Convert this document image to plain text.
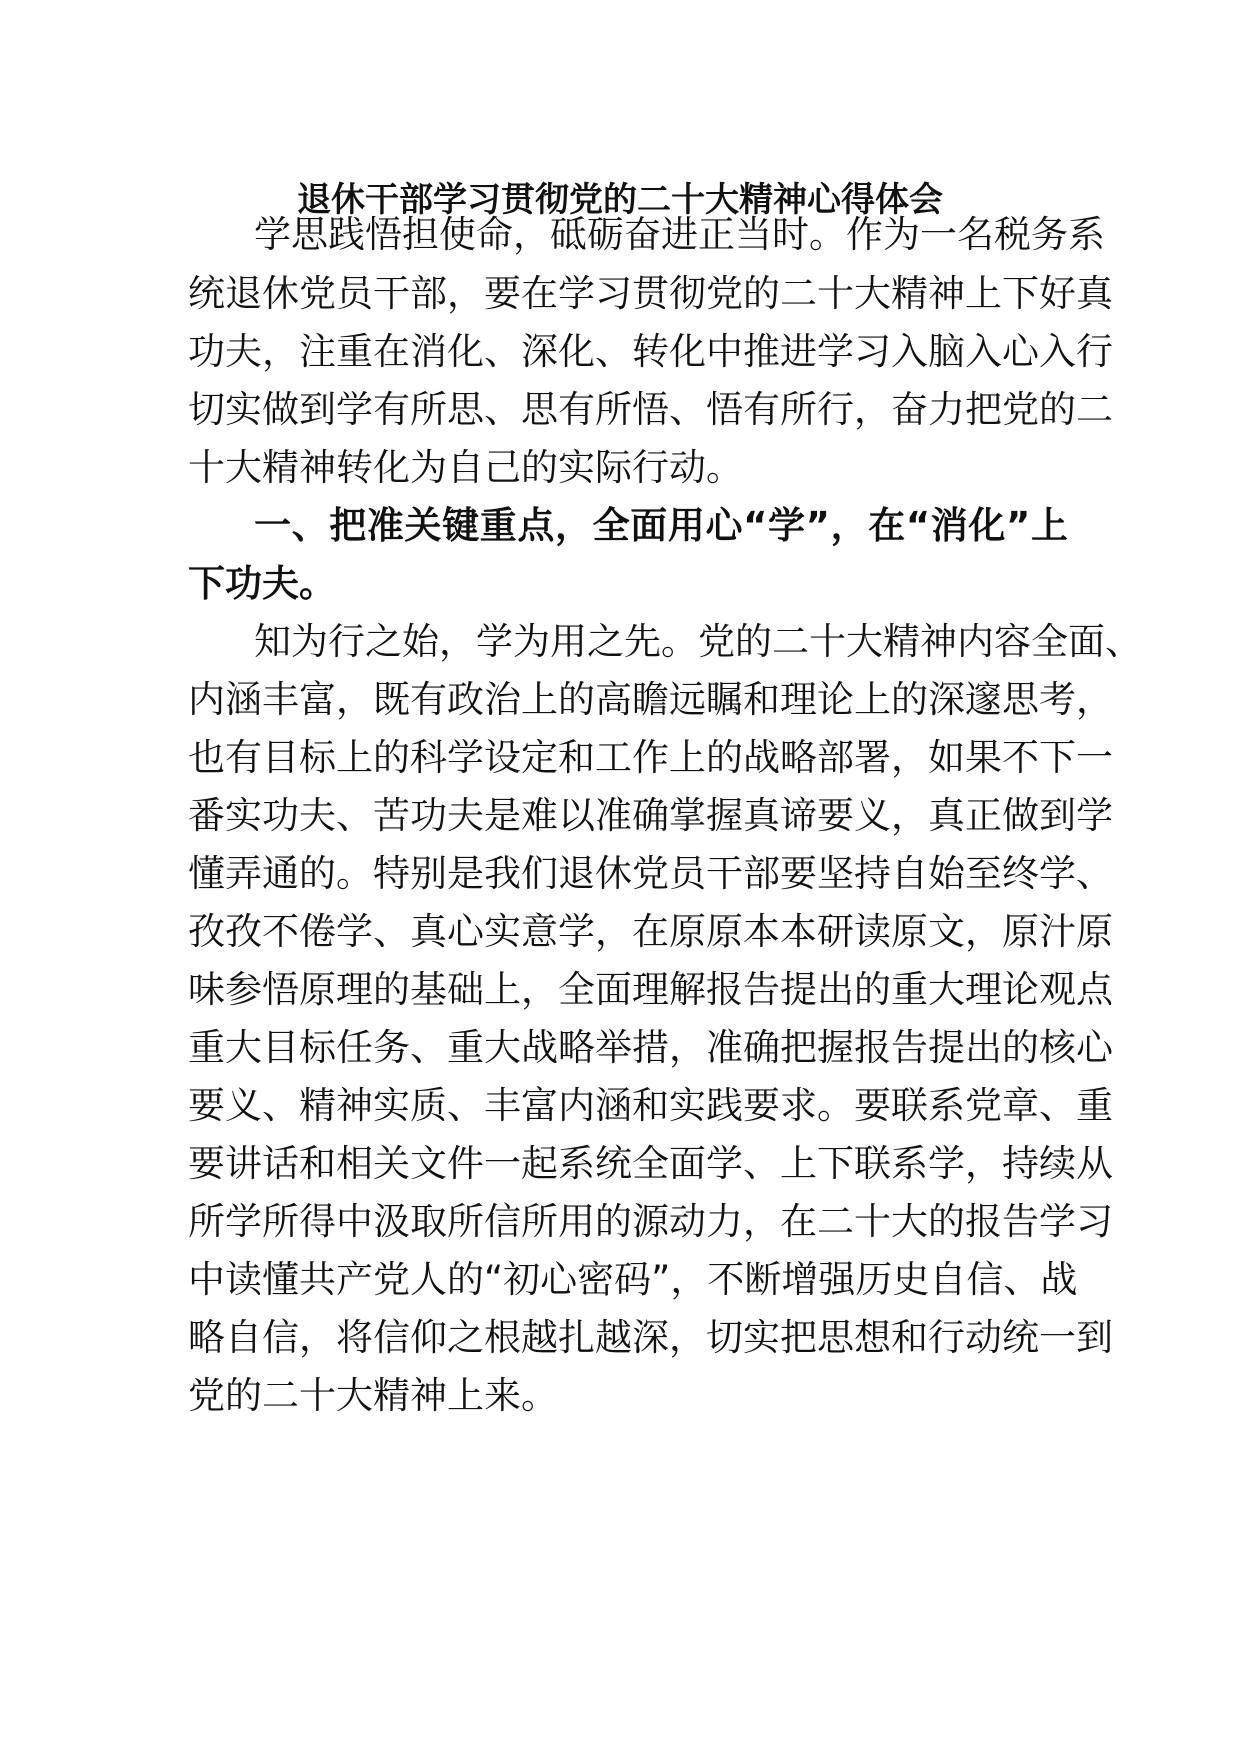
退休干部学习贯彻党的二十大精神心得体会
学思践悟担使命，砥砺奋进正当时。作为一名税务系
统退休党员干部，要在学习贯彻党的二十大精神上下好真
功夫，注重在消化、深化、转化中推进学习入脑入心入行
切实做到学有所思、思有所悟、悟有所行，奋力把党的二
十大精神转化为自己的实际行动。
一、把准关键重点，全面用心“学”，在“消化”上
下功夫。
知为行之始，学为用之先。党的二十大精神内容全面、
内涵丰富，既有政治上的高瞻远瞩和理论上的深邃思考，
也有目标上的科学设定和工作上的战略部署，如果不下一
番实功夫、苦功夫是难以准确掌握真谛要义，真正做到学
懂弄通的。特别是我们退休党员干部要坚持自始至终学、
孜孜不倦学、真心实意学，在原原本本研读原文，原汁原
味参悟原理的基础上，全面理解报告提出的重大理论观点
重大目标任务、重大战略举措，准确把握报告提出的核心
要义、精神实质、丰富内涵和实践要求。要联系党章、重
要讲话和相关文件一起系统全面学、上下联系学，持续从
所学所得中汲取所信所用的源动力，在二十大的报告学习
中读懂共产党人的“初心密码”，不断增强历史自信、战
略自信，将信仰之根越扎越深，切实把思想和行动统一到
党的二十大精神上来。
